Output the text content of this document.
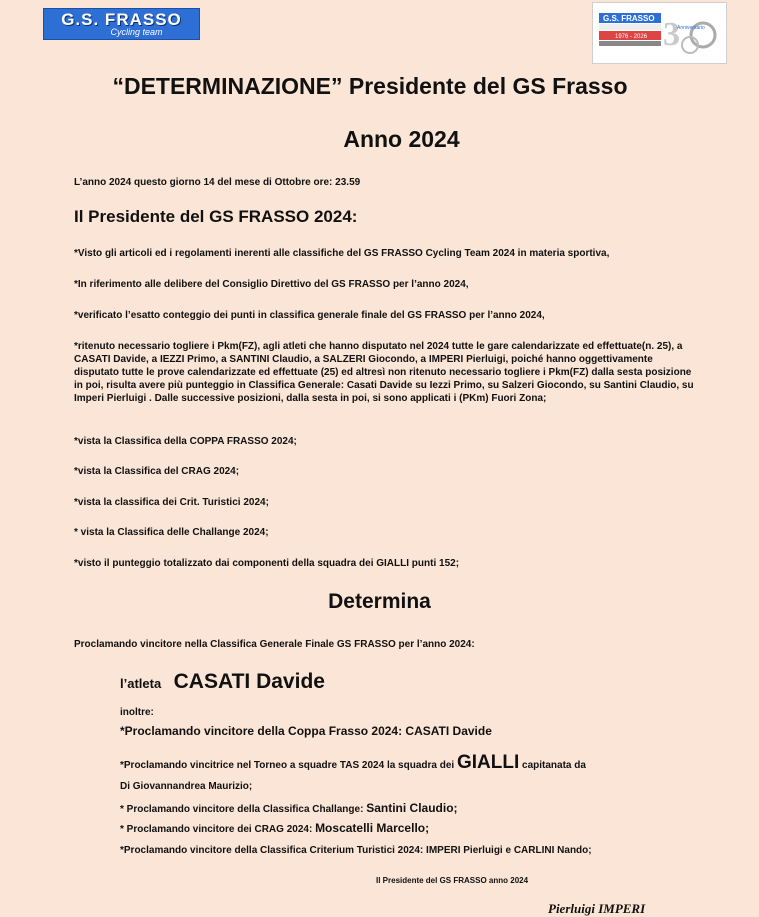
G.S. FRASSO
Cycling team
G.S. FRASSO
1976 - 2026 3
Anniversario
“DETERMINAZIONE” Presidente del GS Frasso
Anno 2024
L’anno 2024 questo giorno 14 del mese di Ottobre ore: 23.59
Il Presidente del GS FRASSO 2024:
*Visto gli articoli ed i regolamenti inerenti alle classifiche del GS FRASSO Cycling Team 2024 in materia sportiva,
*In riferimento alle delibere del Consiglio Direttivo del GS FRASSO per l’anno 2024,
*verificato l’esatto conteggio dei punti in classifica generale finale del GS FRASSO per l’anno 2024,
*ritenuto necessario togliere i Pkm(FZ), agli atleti che hanno disputato nel 2024 tutte le gare calendarizzate ed effettuate(n. 25), a CASATI Davide, a IEZZI Primo, a SANTINI Claudio, a SALZERI Giocondo, a IMPERI Pierluigi, poiché hanno oggettivamente disputato tutte le prove calendarizzate ed effettuate (25) ed altresì non ritenuto necessario togliere i Pkm(FZ) dalla sesta posizione in poi, risulta avere più punteggio in Classifica Generale: Casati Davide su Iezzi Primo, su Salzeri Giocondo, su Santini Claudio, su Imperi Pierluigi . Dalle successive posizioni, dalla sesta in poi, si sono applicati i (PKm) Fuori Zona;
*vista la Classifica della COPPA FRASSO 2024;
*vista la Classifica del CRAG 2024;
*vista la classifica dei Crit. Turistici 2024;
* vista la Classifica delle Challange 2024;
*visto il punteggio totalizzato dai componenti della squadra dei GIALLI punti 152;
Determina
Proclamando vincitore nella Classifica Generale Finale GS FRASSO per l’anno 2024:
l’atleta CASATI Davide
inoltre:
*Proclamando vincitore della Coppa Frasso 2024: CASATI Davide
*Proclamando vincitrice nel Torneo a squadre TAS 2024 la squadra dei GIALLI capitanata da
Di Giovannandrea Maurizio;
* Proclamando vincitore della Classifica Challange: Santini Claudio;
* Proclamando vincitore dei CRAG 2024: Moscatelli Marcello;
*Proclamando vincitore della Classifica Criterium Turistici 2024: IMPERI Pierluigi e CARLINI Nando;
Il Presidente del GS FRASSO anno 2024
Pierluigi IMPERI
